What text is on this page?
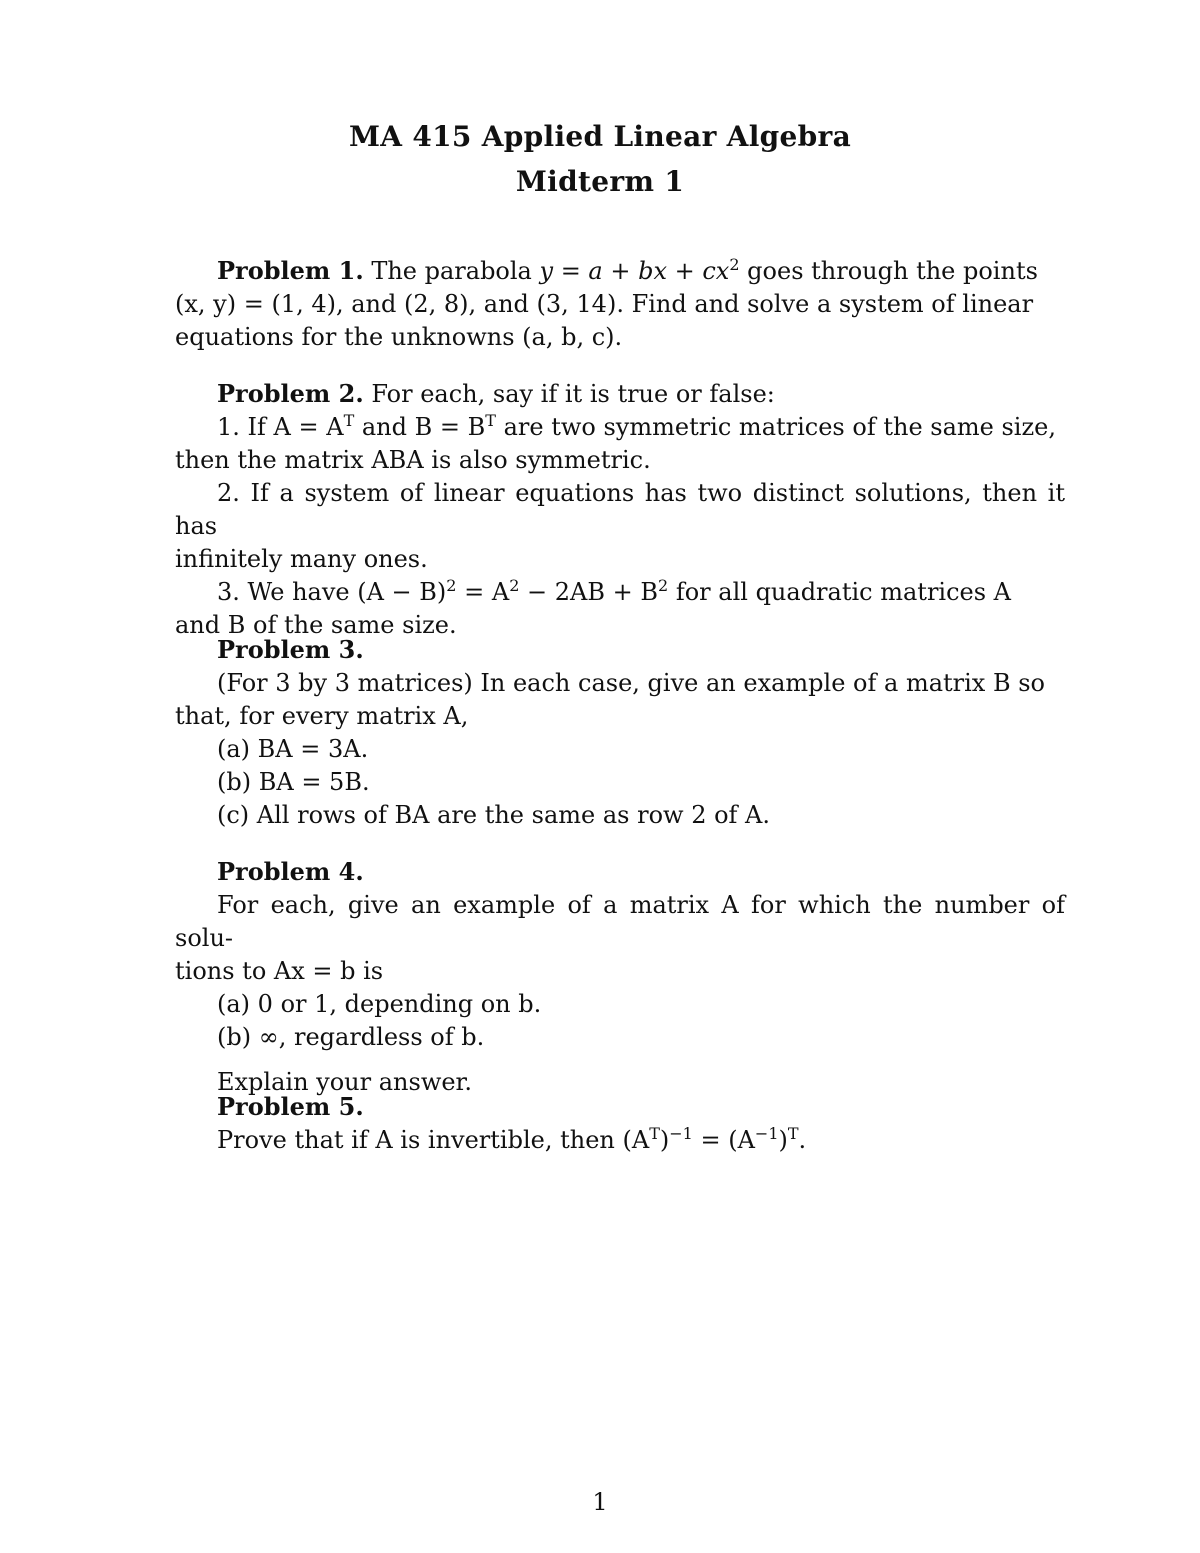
MA 415 Applied Linear Algebra
Midterm 1

Problem 1. The parabola y = a + bx + $cx^2$ goes through the points

(x, y) = (1, 4), and (2, 8), and (3, 14). Find and solve a system of linear

equations for the unknowns (a, b, c).

Problem 2. For each, say if it is true or false:

1. If $A = A^T$ and $B = B^T$ are two symmetric matrices of the same size,

then the matrix ABA is also symmetric.

2. If a system of linear equations has two distinct solutions, then it has

infinitely many ones.

3. We have $(A - B)^2 = A^2 - 2AB + B^2$ for all quadratic matrices A

and B of the same size.

Problem 3.

(For 3 by 3 matrices) In each case, give an example of a matrix B so

that, for every matrix A,

(a) BA = 3A.

(b) BA = 5B.

(c) All rows of BA are the same as row 2 of A.

Problem 4.

For each, give an example of a matrix A for which the number of solu-

tions to Ax = b is

(a) 0 or 1, depending on b.

(b) ∞, regardless of b.

Explain your answer.

Problem 5.

Prove that if A is invertible, then $(A^T)^{-1} = (A^{-1})^T$.

1
